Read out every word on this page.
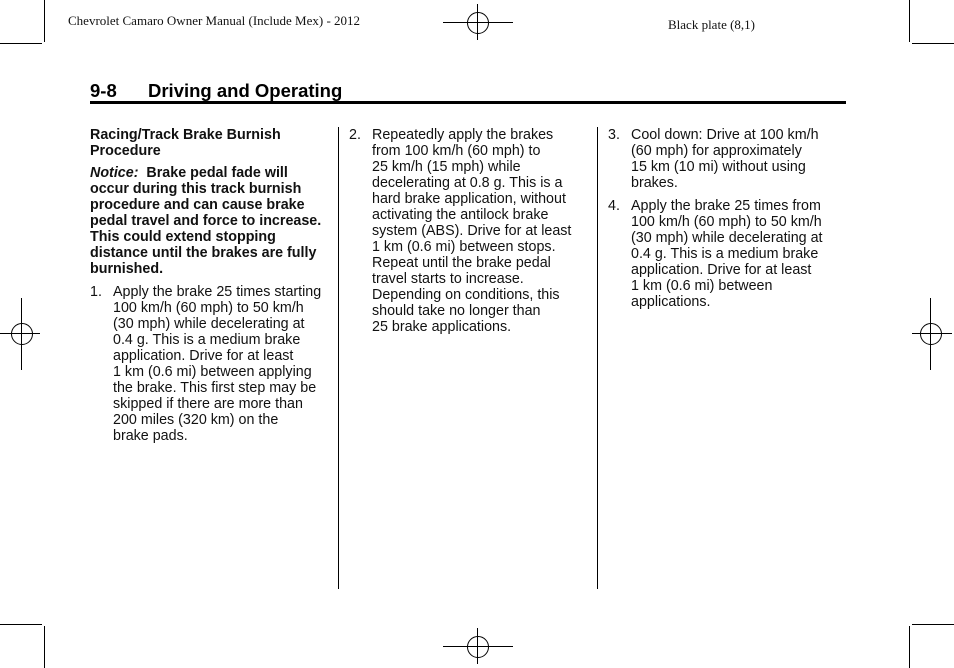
Chevrolet Camaro Owner Manual (Include Mex) - 2012	Black plate (8,1)
9-8 Driving and Operating

Racing/Track Brake Burnish
Procedure

Notice: Brake pedal fade will
occur during this track burnish
procedure and can cause brake
pedal travel and force to increase.
This could extend stopping
distance until the brakes are fully
burnished.

1. Apply the brake 25 times starting
100 km/h (60 mph) to 50 km/h
(30 mph) while decelerating at
0.4 g. This is a medium brake
application. Drive for at least
1 km (0.6 mi) between applying
the brake. This first step may be
skipped if there are more than
200 miles (320 km) on the
brake pads.

2. Repeatedly apply the brakes
from 100 km/h (60 mph) to
25 km/h (15 mph) while
decelerating at 0.8 g. This is a
hard brake application, without
activating the antilock brake
system (ABS). Drive for at least
1 km (0.6 mi) between stops.
Repeat until the brake pedal
travel starts to increase.
Depending on conditions, this
should take no longer than
25 brake applications.

3. Cool down: Drive at 100 km/h
(60 mph) for approximately
15 km (10 mi) without using
brakes.

4. Apply the brake 25 times from
100 km/h (60 mph) to 50 km/h
(30 mph) while decelerating at
0.4 g. This is a medium brake
application. Drive for at least
1 km (0.6 mi) between
applications.
